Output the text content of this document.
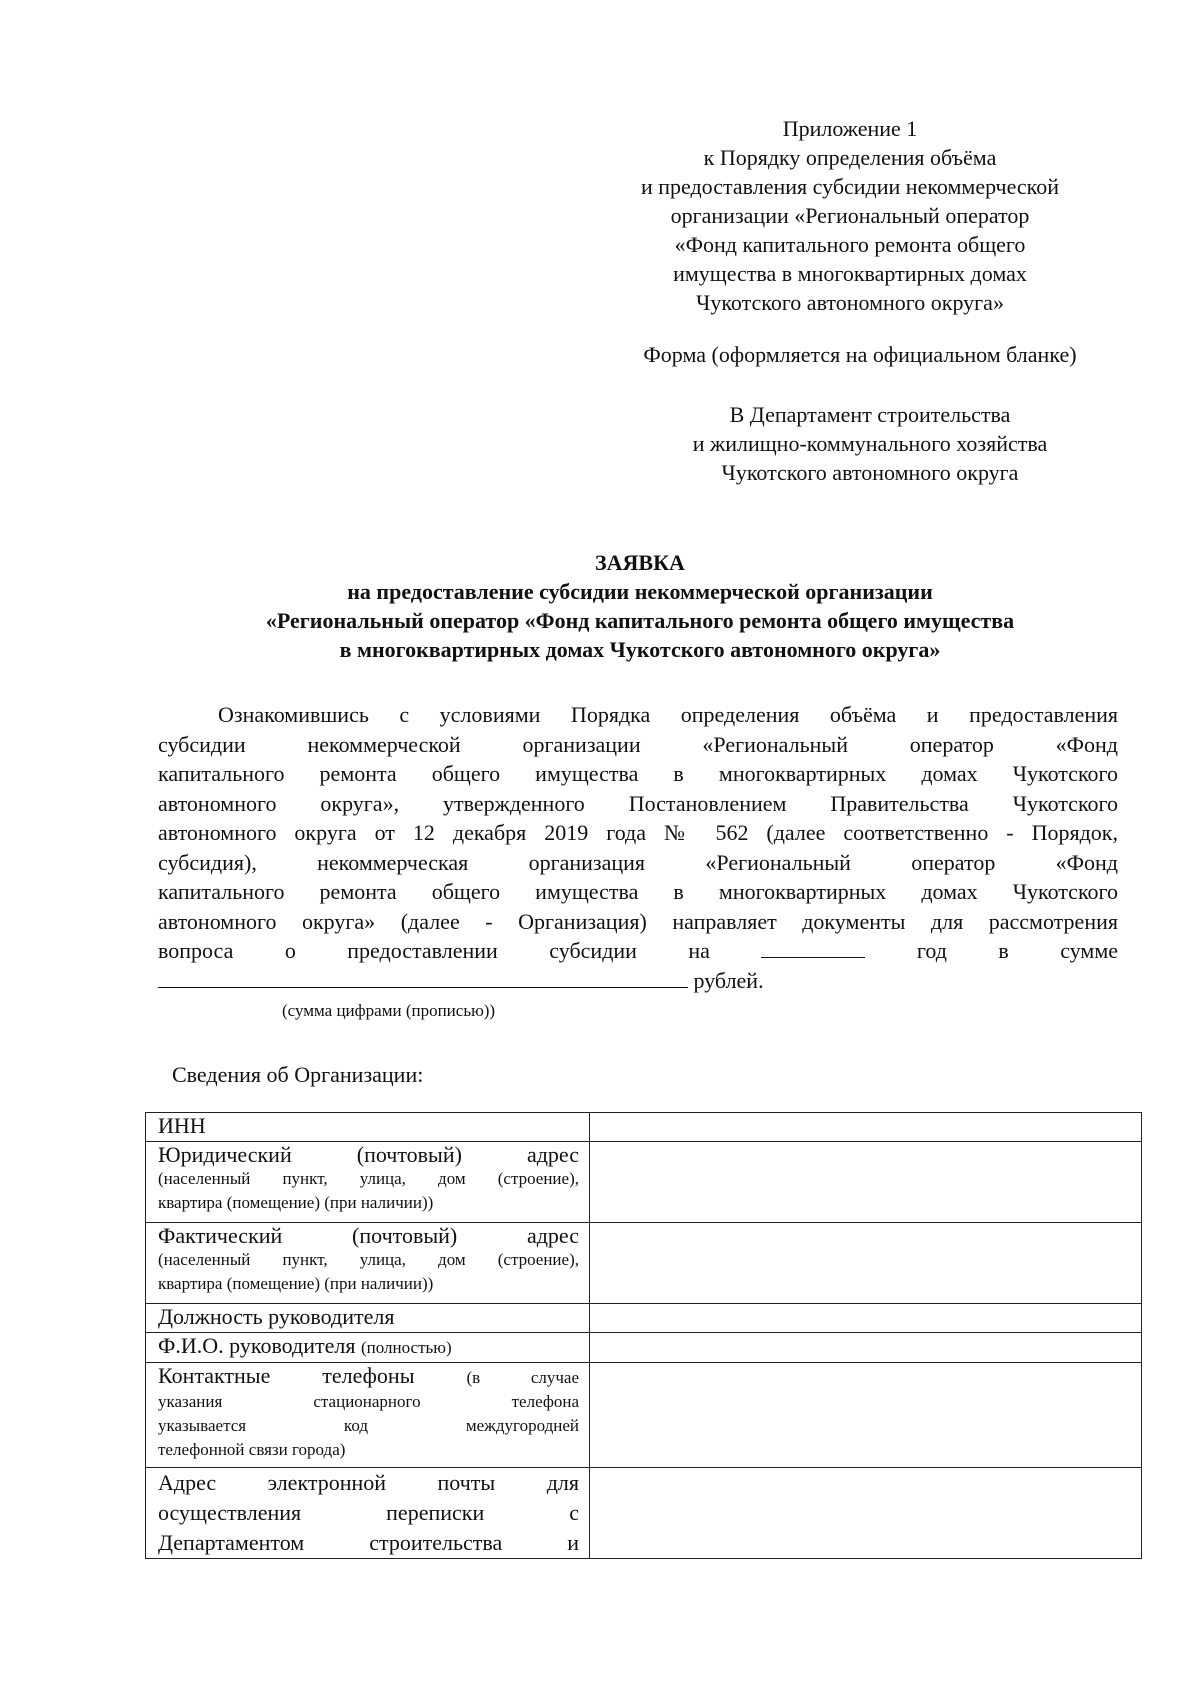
Приложение 1
к Порядку определения объёма
и предоставления субсидии некоммерческой
организации «Региональный оператор
«Фонд капитального ремонта общего
имущества в многоквартирных домах
Чукотского автономного округа»
Форма (оформляется на официальном бланке)
В Департамент строительства
и жилищно-коммунального хозяйства
Чукотского автономного округа
ЗАЯВКА
на предоставление субсидии некоммерческой организации
«Региональный оператор «Фонд капитального ремонта общего имущества
в многоквартирных домах Чукотского автономного округа»
Ознакомившись с условиями Порядка определения объёма и предоставления
субсидии некоммерческой организации «Региональный оператор «Фонд
капитального ремонта общего имущества в многоквартирных домах Чукотского
автономного округа», утвержденного Постановлением Правительства Чукотского
автономного округа от 12 декабря 2019 года № 562 (далее соответственно - Порядок,
субсидия), некоммерческая организация «Региональный оператор «Фонд
капитального ремонта общего имущества в многоквартирных домах Чукотского
автономного округа» (далее - Организация) направляет документы для рассмотрения
вопроса о предоставлении субсидии на	год в сумме
рублей.
(сумма цифрами (прописью))
Сведения об Организации:
ИНН	

Юридический (почтовый) адрес
(населенный пункт, улица, дом (строение),
квартира (помещение) (при наличии))	

Фактический (почтовый) адрес
(населенный пункт, улица, дом (строение),
квартира (помещение) (при наличии))	

Должность руководителя	

Ф.И.О. руководителя (полностью)	

Контактные телефоны (в случае
указания стационарного телефона
указывается код междугородней
телефонной связи города)	

Адрес электронной почты для
осуществления переписки с
Департаментом строительства и	
